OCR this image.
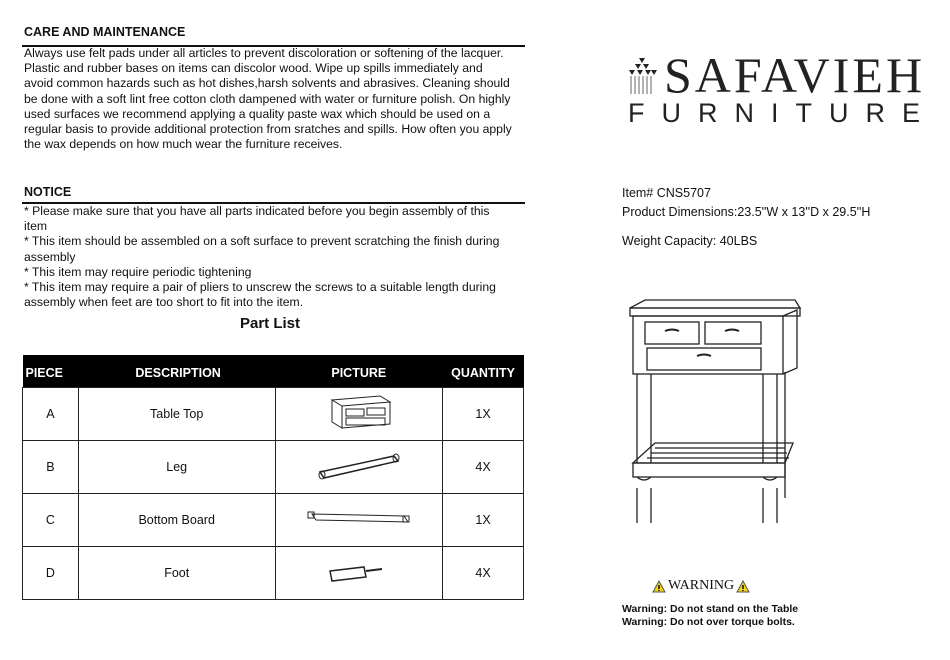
CARE AND MAINTENANCE
Always use felt pads under all articles to prevent discoloration or softening of the lacquer.
Plastic and rubber bases on items can discolor wood. Wipe up spills immediately and
avoid common hazards such as hot dishes,harsh solvents and abrasives. Cleaning should
be done with a soft lint free cotton cloth dampened with water or furniture polish. On highly
used surfaces we recommend applying a quality paste wax which should be used on a
regular basis to provide additional protection from sratches and spills. How often you apply
the wax depends on how much wear the furniture receives.
NOTICE
* Please make sure that you have all parts indicated before you begin assembly of this
item
* This item should be assembled on a soft surface to prevent scratching the finish during
assembly
* This item may require periodic tightening
* This item may require a pair of pliers to unscrew the screws to a suitable length during
assembly when feet are too short to fit into the item.
Part List
PIECE	DESCRIPTION	PICTURE	QUANTITY
A	Table Top		1X
B	Leg		4X
C	Bottom Board		1X
D	Foot		4X
SAFAVIEH
FURNITURE
Item# CNS5707
Product Dimensions:23.5''W x 13''D x 29.5''H
Weight Capacity: 40LBS
WARNING
Warning: Do not stand on the Table
Warning: Do not over torque bolts.
